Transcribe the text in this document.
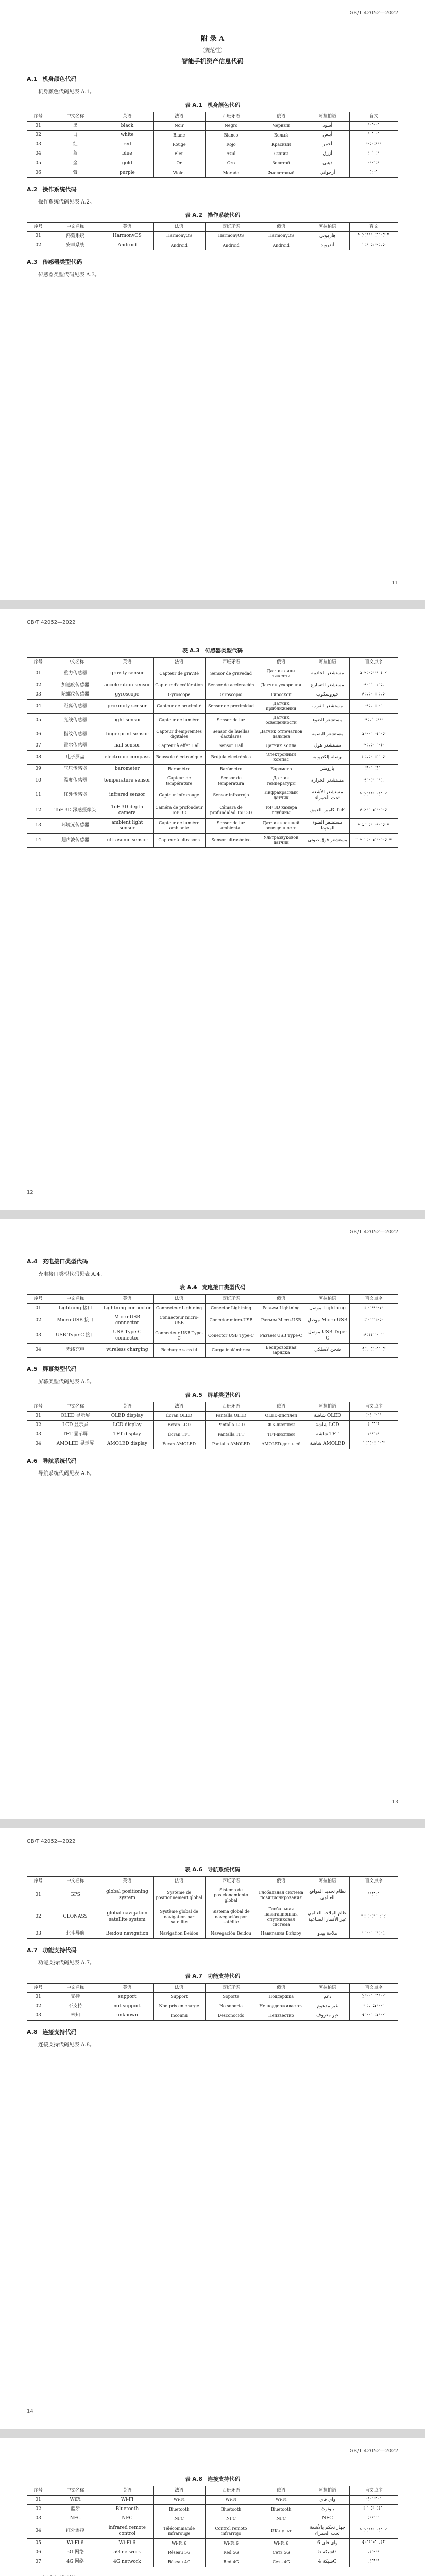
GB/T 42052—2022
附 录 A
（规范性）
智能手机资产信息代码
A.1 机身颜色代码

机身颜色代码见表 A.1。

表 A.1 机身颜色代码
序号	中文名称	英语	法语	西班牙语	俄语	阿拉伯语	盲文
01	黑	black	Noir	Negro	Черный	أسود	⠓⠑⠊
02	白	white	Blanc	Blanco	Белый	أبيض	⠃⠁⠊
03	红	red	Rouge	Rojo	Красный	أحمر	⠓⠕⠝⠛
04	蓝	blue	Bleu	Azul	Синий	أزرق	⠇⠁⠝
05	金	gold	Or	Oro	Золотой	ذهبي	⠚⠊⠝
06	紫	purple	Violet	Morado	Фиолетовый	أرجواني	⠵⠊
A.2 操作系统代码

操作系统代码见表 A.2。

表 A.2 操作系统代码
序号	中文名称	英语	法语	西班牙语	俄语	阿拉伯语	盲文
01	鸿蒙系统	HarmonyOS	HarmonyOS	HarmonyOS	HarmonyOS	هارموني	⠓⠕⠝⠛ ⠍⠑⠝⠛
02	安卓系统	Android	Android	Android	Android	أندرويد	⠁⠝ ⠵⠓⠥⠕
A.3 传感器类型代码

传感器类型代码见表 A.3。

11
GB/T 42052—2022
表 A.3 传感器类型代码
序号	中文名称	英语	法语	西班牙语	俄语	阿拉伯语	盲文点序
01	重力传感器	gravity sensor	Capteur de gravité	Sensor de gravedad	Датчик силы тяжести	مستشعر الجاذبية	⠵⠓⠕⠝⠛ ⠇⠊
02	加速度传感器	acceleration sensor	Capteur d'accélération	Sensor de aceleración	Датчик ускорения	مستشعر التسارع	⠚⠊⠁ ⠎⠥
03	陀螺仪传感器	gyroscope	Gyroscope	Giroscopio	Гироскоп	جيروسكوب	⠞⠥⠕ ⠇⠥⠕
04	距离传感器	proximity sensor	Capteur de proximité	Sensor de proximidad	Датчик приближения	مستشعر القرب	⠚⠥ ⠇⠊
05	光线传感器	light sensor	Capteur de lumière	Sensor de luz	Датчик освещенности	مستشعر الضوء	⠛⠥⠁⠝⠛
06	指纹传感器	fingerprint sensor	Capteur d'empreintes digitales	Sensor de huellas dactilares	Датчик отпечатков пальцев	مستشعر البصمة	⠵⠓⠊ ⠺⠑⠝
07	霍尔传感器	hall sensor	Capteur à effet Hall	Sensor Hall	Датчик Холла	مستشعر هول	⠓⠥⠕ ⠑⠗
08	电子罗盘	electronic compass	Boussole électronique	Brújula electrónica	Электронный компас	بوصلة إلكترونية	⠇⠥⠕ ⠏⠁⠝
09	气压传感器	barometer	Baromètre	Barómetro	Барометр	بارومتر	⠟⠊ ⠽⠁
10	温度传感器	temperature sensor	Capteur de température	Sensor de temperatura	Датчик температуры	مستشعر الحرارة	⠺⠑⠝ ⠙⠥
11	红外传感器	infrared sensor	Capteur infrarouge	Sensor infrarrojo	Инфракрасный датчик	مستشعر الأشعة تحت الحمراء	⠓⠕⠝⠛ ⠺⠁⠊
12	ToF 3D 深感摄像头	ToF 3D depth camera	Caméra de profondeur ToF 3D	Cámara de profundidad ToF 3D	ToF 3D камера глубины	كاميرا العمق ToF	⠞⠕⠋ ⠎⠓⠑⠝
13	环境光传感器	ambient light sensor	Capteur de lumière ambiante	Sensor de luz ambiental	Датчик внешней освещенности	مستشعر الضوء المحيط	⠓⠥⠁⠝ ⠚⠊⠝⠛
14	超声波传感器	ultrasonic sensor	Capteur à ultrasons	Sensor ultrasónico	Ультразвуковой датчик	مستشعر فوق صوتي	⠉⠓⠁⠕ ⠎⠓⠑⠝⠛
12
GB/T 42052—2022
A.4 充电接口类型代码

充电接口类型代码见表 A.4。

表 A.4 充电接口类型代码
序号	中文名称	英语	法语	西班牙语	俄语	阿拉伯语	盲文点序
01	Lightning 接口	Lightning connector	Connecteur Lightning	Conector Lightning	Разъем Lightning	موصل Lightning	⠇⠊⠛⠓⠞
02	Micro-USB 接口	Micro-USB connector	Connecteur micro-USB	Conector micro-USB	Разъем Micro-USB	موصل Micro-USB	⠍⠊⠉⠗⠕
03	USB Type-C 接口	USB Type-C connector	Connecteur USB Type-C	Conector USB Type-C	Разъем USB Type-C	موصل USB Type-C	⠞⠽⠏⠑ ⠉
04	无线充电	wireless charging	Recharge sans fil	Carga inalámbrica	Беспроводная зарядка	شحن لاسلكي	⠺⠥ ⠭⠊⠁⠝
A.5 屏幕类型代码

屏幕类型代码见表 A.5。

表 A.5 屏幕类型代码
序号	中文名称	英语	法语	西班牙语	俄语	阿拉伯语	盲文点序
01	OLED 显示屏	OLED display	Écran OLED	Pantalla OLED	OLED-дисплей	شاشة OLED	⠕⠇⠑⠙
02	LCD 显示屏	LCD display	Écran LCD	Pantalla LCD	ЖК-дисплей	شاشة LCD	⠇⠉⠙
03	TFT 显示屏	TFT display	Écran TFT	Pantalla TFT	TFT-дисплей	شاشة TFT	⠞⠋⠞
04	AMOLED 显示屏	AMOLED display	Écran AMOLED	Pantalla AMOLED	AMOLED-дисплей	شاشة AMOLED	⠁⠍⠕⠇⠑⠙
A.6 导航系统代码

导航系统代码见表 A.6。

13
GB/T 42052—2022
表 A.6 导航系统代码
序号	中文名称	英语	法语	西班牙语	俄语	阿拉伯语	盲文点序
01	GPS	global positioning system	Système de positionnement global	Sistema de posicionamiento global	Глобальная система позиционирования	نظام تحديد المواقع العالمي	⠛⠏⠎
02	GLONASS	global navigation satellite system	Système global de navigation par satellite	Sistema global de navegación por satélite	Глобальная навигационная спутниковая система	نظام الملاحة العالمي عبر الأقمار الصناعية	⠛⠇⠕⠝⠁⠎⠎
03	北斗导航	Beidou navigation	Navigation Beidou	Navegación Beidou	Навигация Бэйдоу	ملاحة بيدو	⠃⠑⠊ ⠙⠕⠥
A.7 功能支持代码

功能支持代码见表 A.7。

表 A.7 功能支持代码
序号	中文名称	英语	法语	西班牙语	俄语	阿拉伯语	盲文点序
01	支持	support	Support	Soporte	Поддержка	دعم	⠵⠓⠊ ⠉⠓⠊
02	不支持	not support	Non pris en charge	No soporta	Не поддерживается	غير مدعوم	⠃⠥ ⠵⠓⠊
03	未知	unknown	Inconnu	Desconocido	Неизвестно	غير معروف	⠺⠑⠊ ⠵⠓⠊
A.8 连接支持代码

连接支持代码见表 A.8。

14
GB/T 42052—2022
表 A.8 连接支持代码
序号	中文名称	英语	法语	西班牙语	俄语	阿拉伯语	盲文点序
01	WiFi	Wi-Fi	Wi-Fi	Wi-Fi	Wi-Fi	واي فاي	⠺⠊⠋⠊
02	蓝牙	Bluetooth	Bluetooth	Bluetooth	Bluetooth	بلوتوث	⠇⠁⠝ ⠽⠁
03	NFC	NFC	NFC	NFC	NFC	NFC	⠝⠋⠉
04	红外遥控	infrared remote control	Télécommande infrarouge	Control remoto infrarrojo	ИК-пульт	جهاز تحكم بالأشعة تحت الحمراء	⠓⠕⠝⠛ ⠺⠁⠊
05	Wi-Fi 6	Wi-Fi 6	Wi-Fi 6	Wi-Fi 6	Wi-Fi 6	واي فاي 6	⠺⠊⠋⠊ ⠼⠋
06	5G 网络	5G network	Réseau 5G	Red 5G	Сеть 5G	شبكة 5G	⠼⠑⠛
07	4G 网络	4G network	Réseau 4G	Red 4G	Сеть 4G	شبكة 4G	⠼⠙⠛
